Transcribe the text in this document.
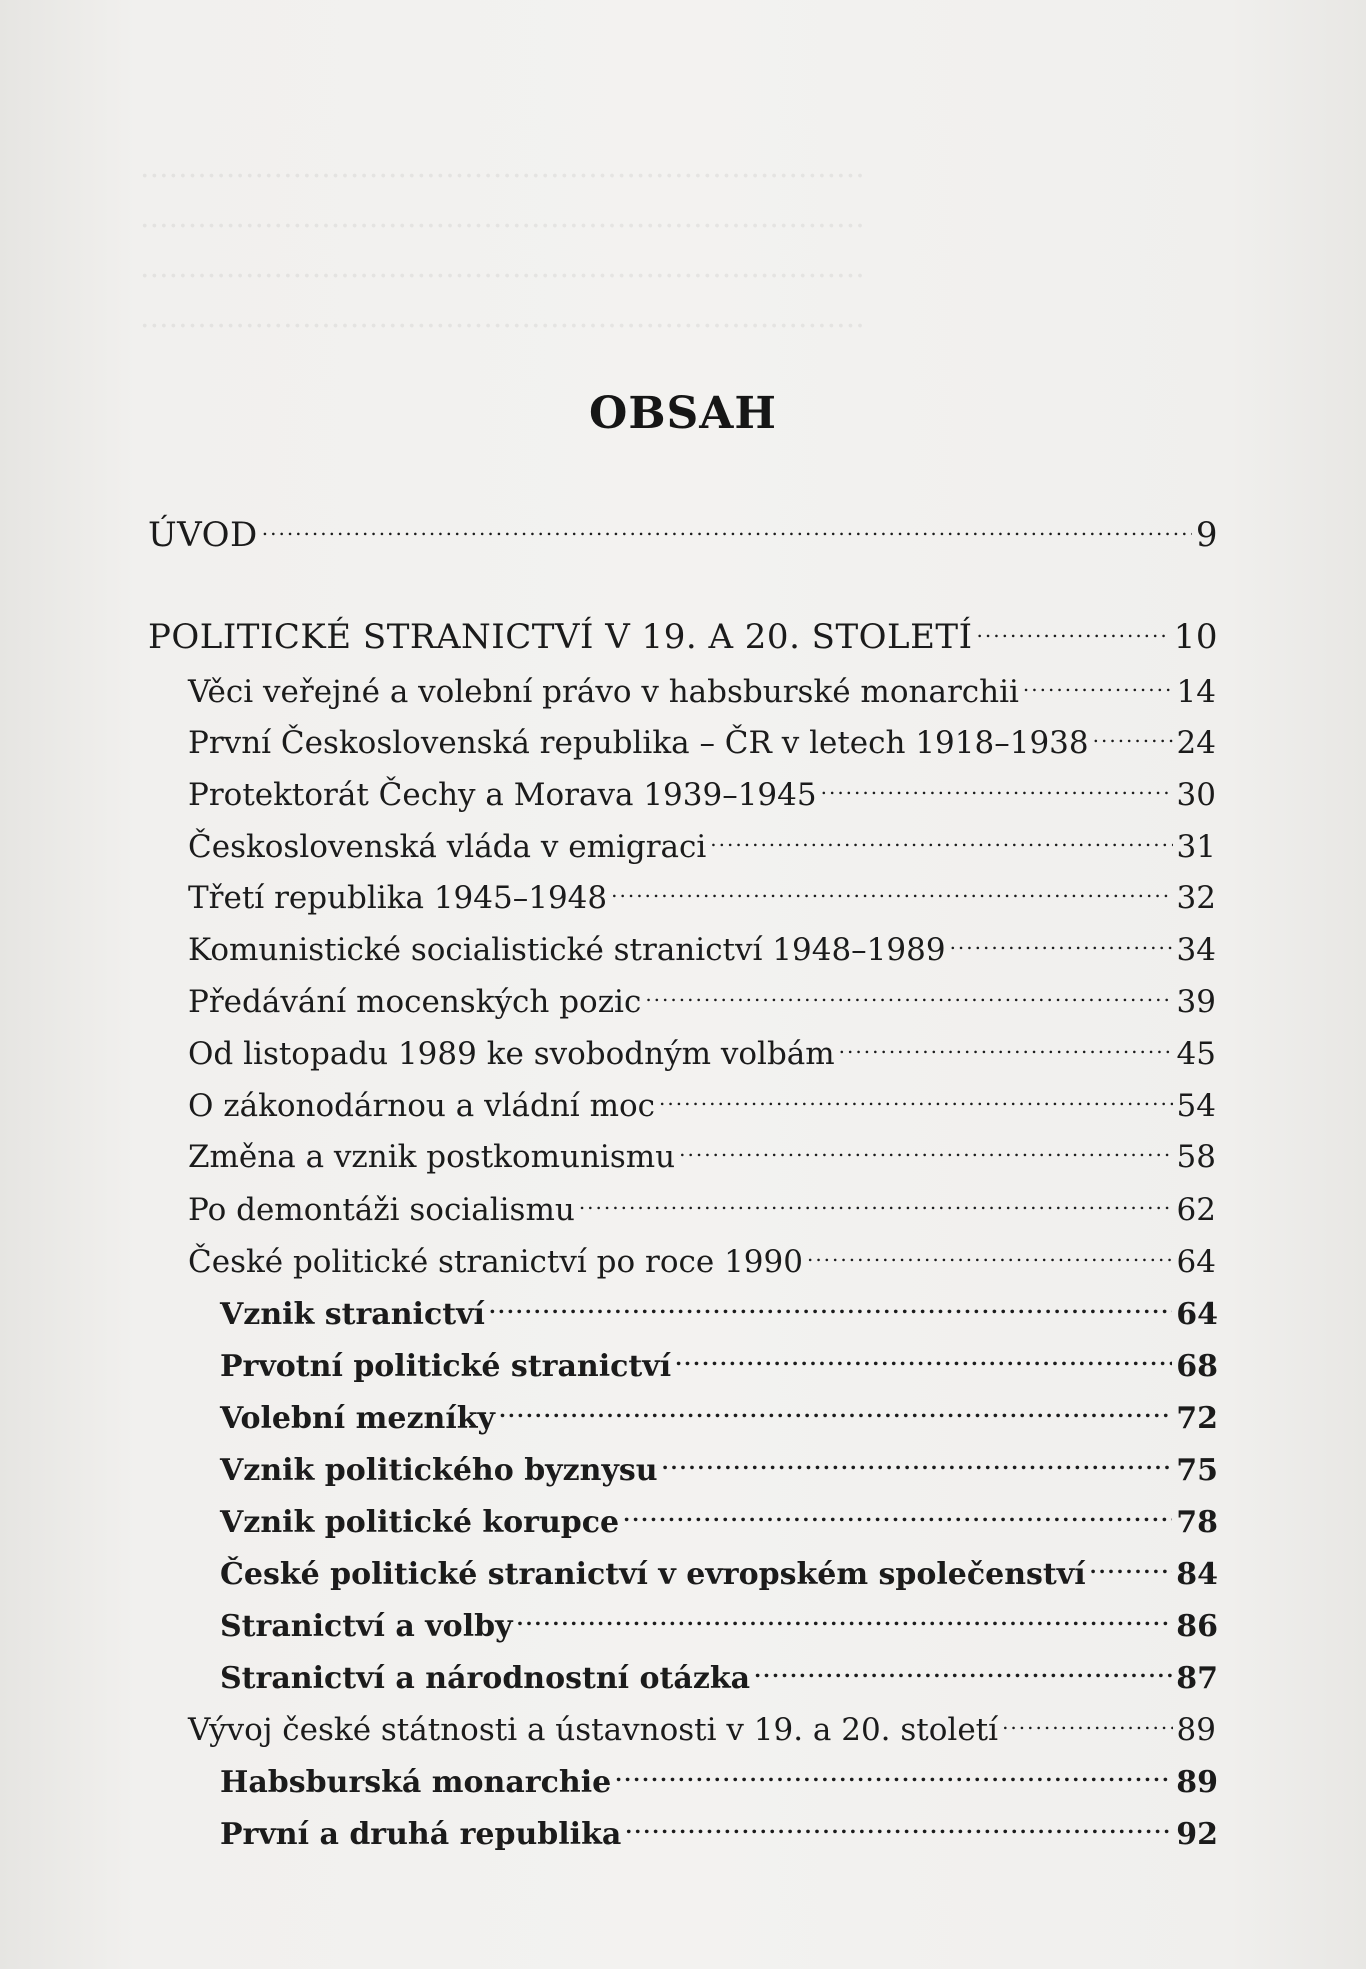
............................................................................
............................................................................
............................................................................
............................................................................
OBSAH
ÚVOD .....	9
POLITICKÉ STRANICTVÍ V 19. A 20. STOLETÍ .....	10
Věci veřejné a volební právo v habsburské monarchii .....	14
První Československá republika – ČR v letech 1918–1938 .....	24
Protektorát Čechy a Morava 1939–1945 .....	30
Československá vláda v emigraci .....	31
Třetí republika 1945–1948 .....	32
Komunistické socialistické stranictví 1948–1989 .....	34
Předávání mocenských pozic .....	39
Od listopadu 1989 ke svobodným volbám .....	45
O zákonodárnou a vládní moc .....	54
Změna a vznik postkomunismu .....	58
Po demontáži socialismu .....	62
České politické stranictví po roce 1990 .....	64
Vznik stranictví .....	64
Prvotní politické stranictví .....	68
Volební mezníky .....	72
Vznik politického byznysu .....	75
Vznik politické korupce .....	78
České politické stranictví v evropském společenství .....	84
Stranictví a volby .....	86
Stranictví a národnostní otázka .....	87
Vývoj české státnosti a ústavnosti v 19. a 20. století .....	89
Habsburská monarchie .....	89
První a druhá republika .....	92
